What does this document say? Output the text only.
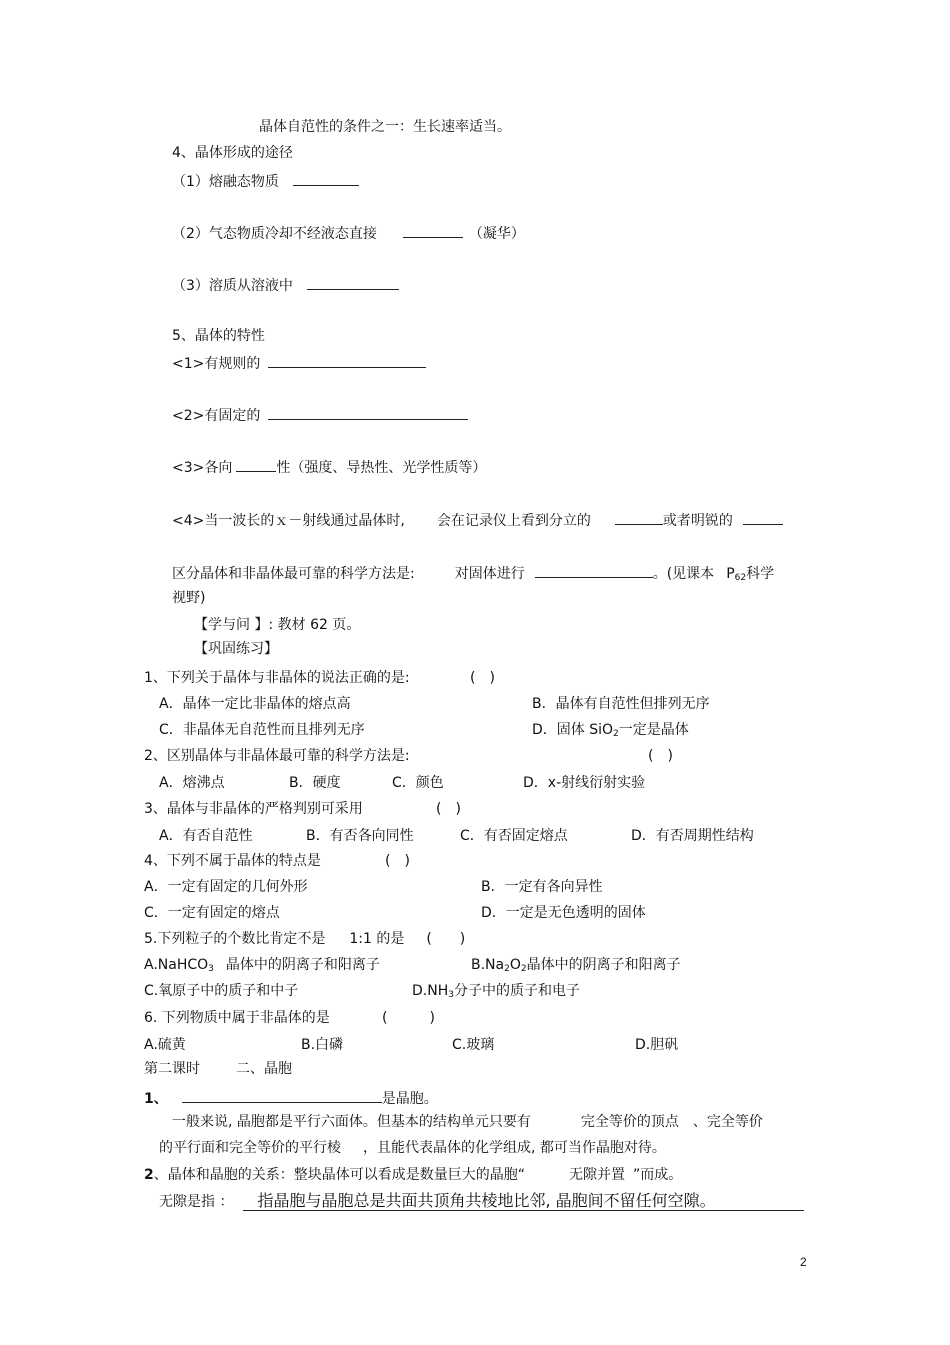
晶体自范性的条件之一：生长速率适当。
4、晶体形成的途径
（1）熔融态物质
（2）气态物质冷却不经液态直接	（凝华）
（3）溶质从溶液中
5、晶体的特性
<1>有规则的
<2>有固定的
<3>各向	性（强度、导热性、光学性质等）
<4>当一波长的ｘ－射线通过晶体时, 会在记录仪上看到分立的	或者明锐的
区分晶体和非晶体最可靠的科学方法是:	对固体进行	。(见课本 $P_{62}$科学
视野)
【学与问 】: 教材 62 页。
【巩固练习】
1、下列关于晶体与非晶体的说法正确的是:	(　)
A．晶体一定比非晶体的熔点高	B．晶体有自范性但排列无序
C．非晶体无自范性而且排列无序	D．固体 SiO$_2$一定是晶体
2、区别晶体与非晶体最可靠的科学方法是:	(　)
A．熔沸点	B．硬度	C．颜色	D．x-射线衍射实验
3、晶体与非晶体的严格判别可采用	(　)
A．有否自范性	B．有否各向同性	C．有否固定熔点	D．有否周期性结构
4、下列不属于晶体的特点是	(　)
A．一定有固定的几何外形	B．一定有各向异性
C．一定有固定的熔点	D．一定是无色透明的固体
5.下列粒子的个数比肯定不是 1:1 的是 (　　)
A.NaHCO$_3$ 晶体中的阴离子和阳离子	$B.Na_2O_2$晶体中的阴离子和阳离子
C.氧原子中的质子和中子	$D.NH_3$分子中的质子和电子
6. 下列物质中属于非晶体的是	(　　　)
A.硫黄	B.白磷	C.玻璃	D.胆矾
第二课时	二、晶胞
1、	是晶胞。
一般来说, 晶胞都是平行六面体。但基本的结构单元只要有	完全等价的顶点 、完全等价
的平行面和完全等价的平行棱 ，且能代表晶体的化学组成, 都可当作晶胞对待。
2、晶体和晶胞的关系：整块晶体可以看成是数量巨大的晶胞“	无隙并置 ”而成。
无隙是指 ： 指晶胞与晶胞总是共面共顶角共棱地比邻, 晶胞间不留任何空隙。
2
